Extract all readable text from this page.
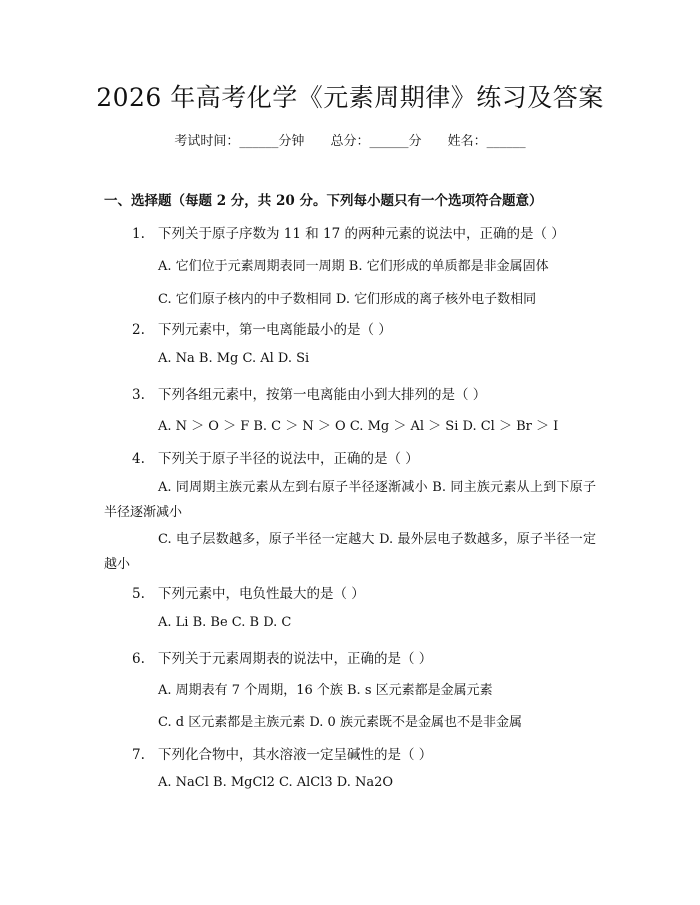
2026 年高考化学《元素周期律》练习及答案
考试时间：______分钟 总分：______分 姓名：______
一、选择题（每题 2 分，共 20 分。下列每小题只有一个选项符合题意）
1. 下列关于原子序数为 11 和 17 的两种元素的说法中，正确的是（ ）
A. 它们位于元素周期表同一周期 B. 它们形成的单质都是非金属固体
C. 它们原子核内的中子数相同 D. 它们形成的离子核外电子数相同
2. 下列元素中，第一电离能最小的是（ ）
A. Na B. Mg C. Al D. Si
3. 下列各组元素中，按第一电离能由小到大排列的是（ ）
A. N ＞ O ＞ F B. C ＞ N ＞ O C. Mg ＞ Al ＞ Si D. Cl ＞ Br ＞ I
4. 下列关于原子半径的说法中，正确的是（ ）
A. 同周期主族元素从左到右原子半径逐渐减小 B. 同主族元素从上到下原子半径逐渐减小
C. 电子层数越多，原子半径一定越大 D. 最外层电子数越多，原子半径一定越小
5. 下列元素中，电负性最大的是（ ）
A. Li B. Be C. B D. C
6. 下列关于元素周期表的说法中，正确的是（ ）
A. 周期表有 7 个周期，16 个族 B. s 区元素都是金属元素
C. d 区元素都是主族元素 D. 0 族元素既不是金属也不是非金属
7. 下列化合物中，其水溶液一定呈碱性的是（ ）
A. NaCl B. MgCl2 C. AlCl3 D. Na2O
